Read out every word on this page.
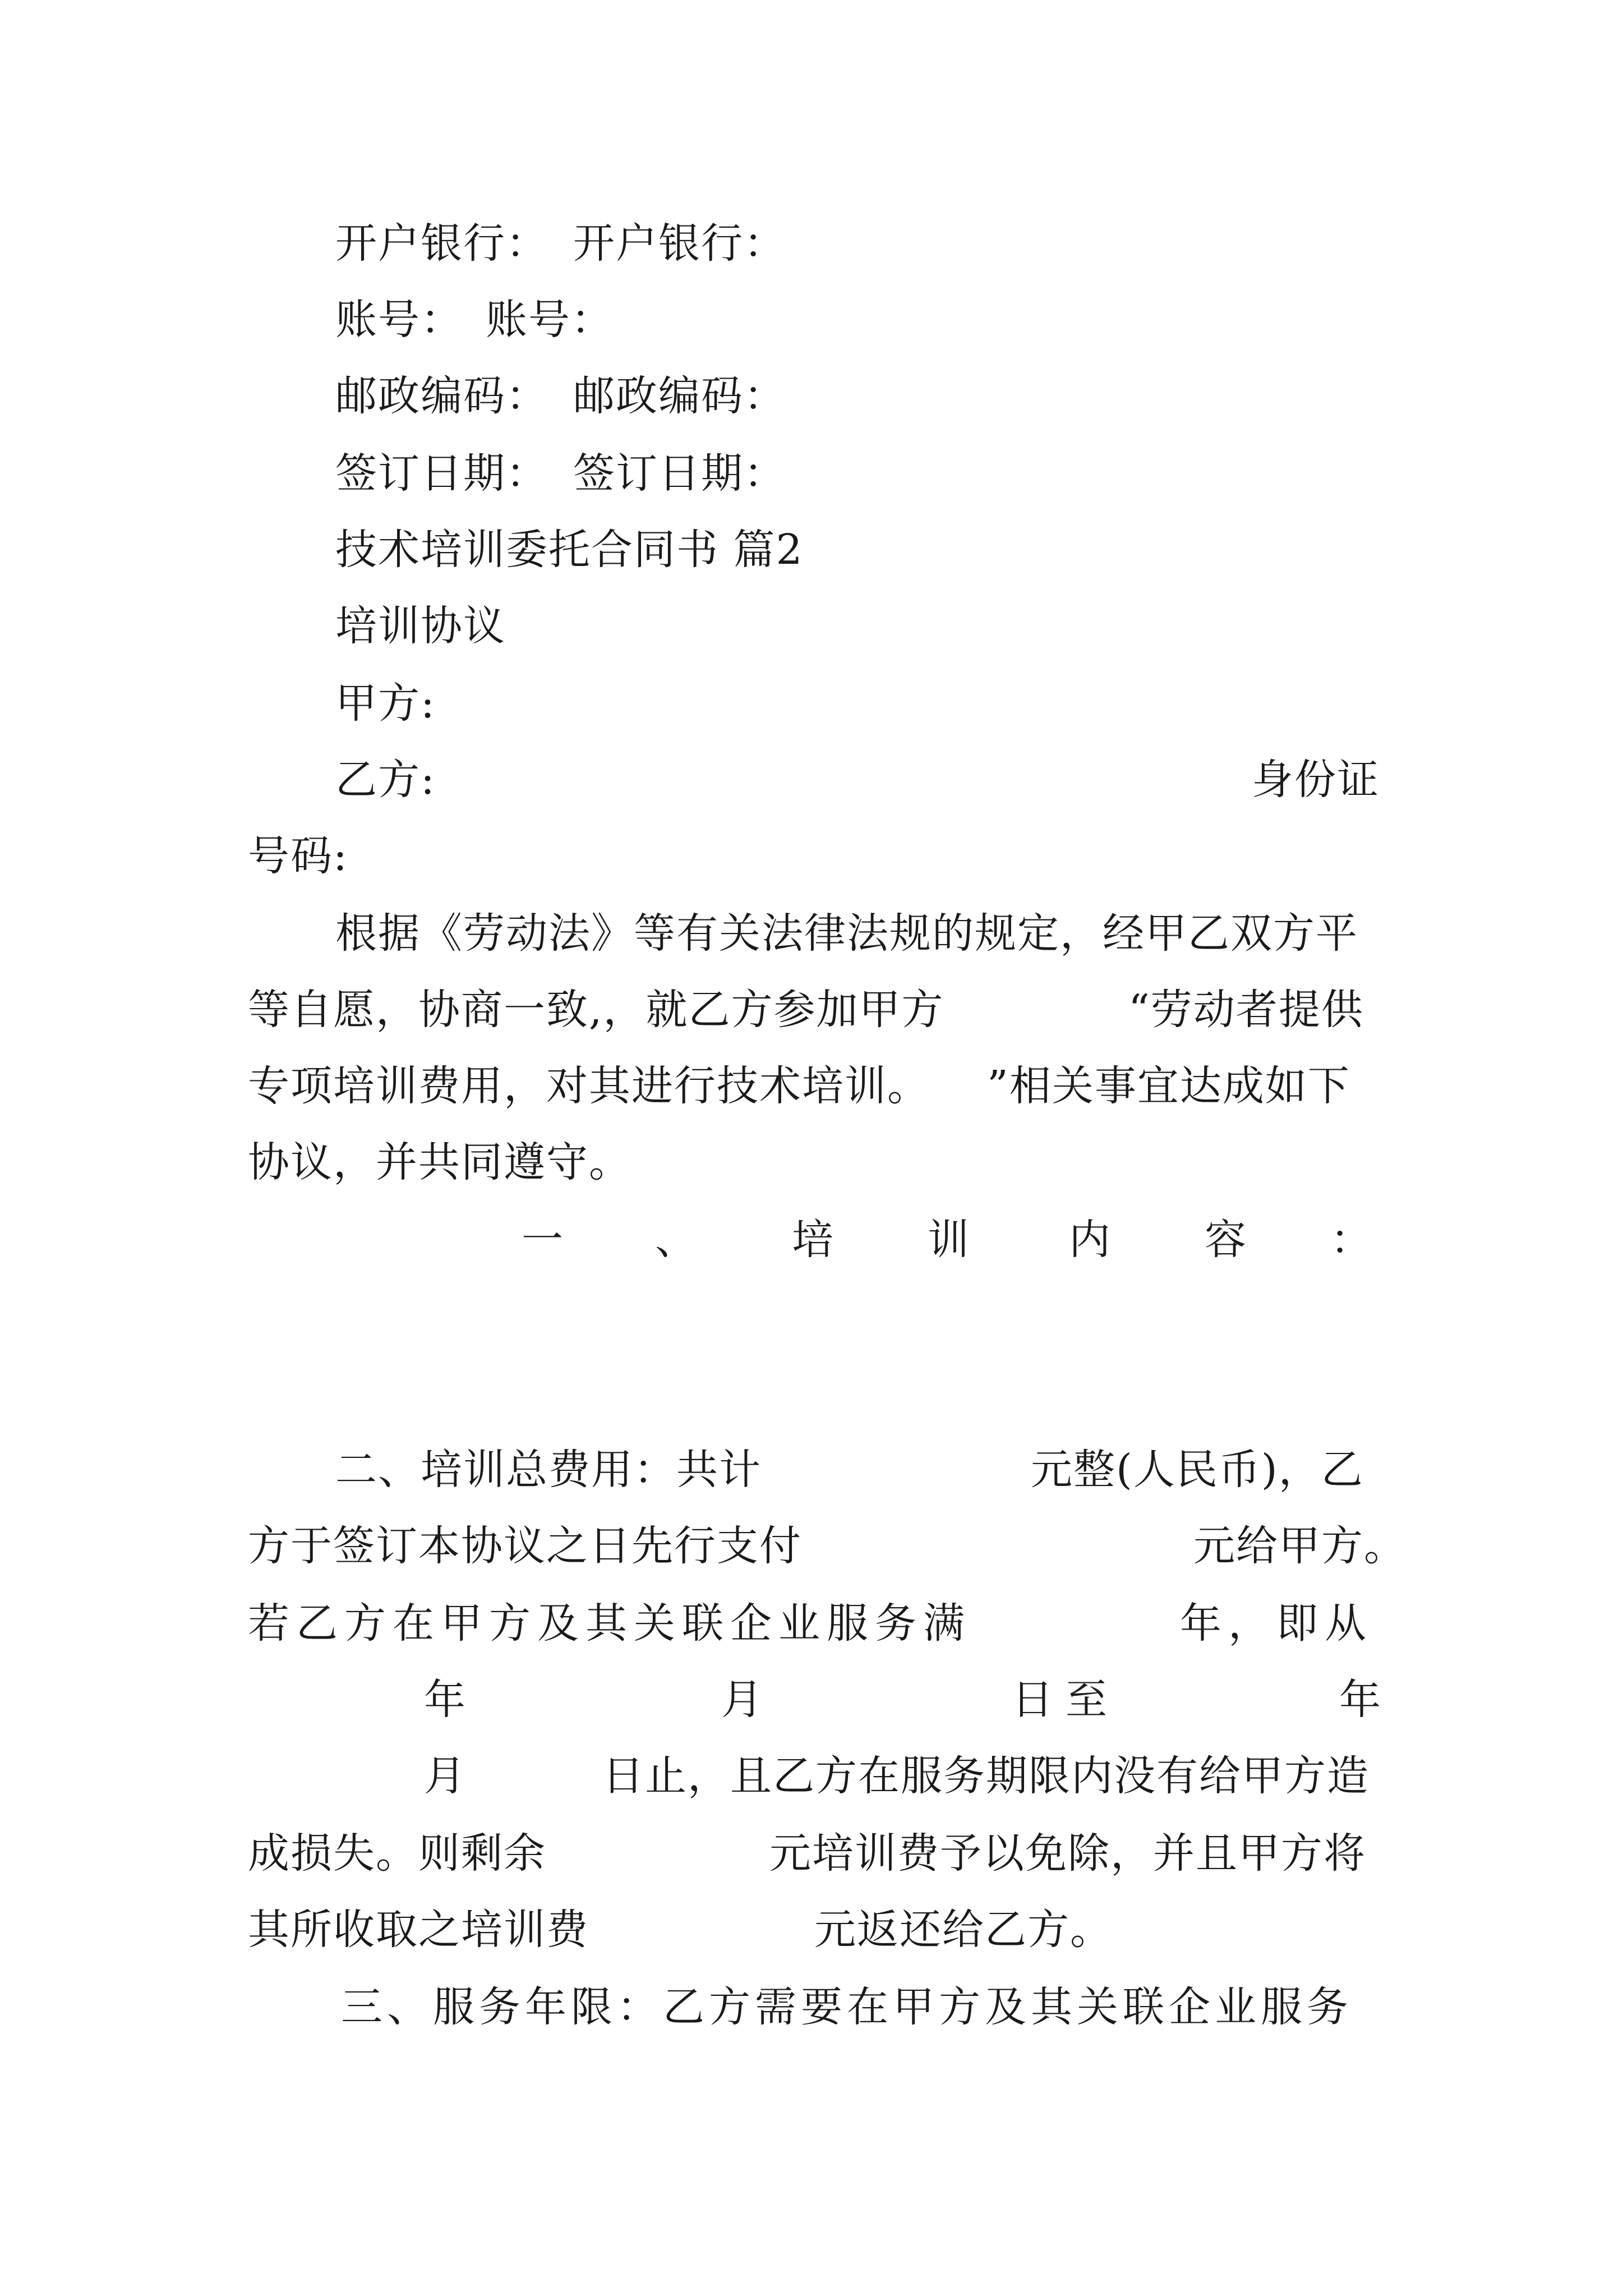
开户银行： 开户银行：
账号： 账号：
邮政编码： 邮政编码：
签订日期： 签订日期：
技术培训委托合同书 篇2
培训协议
甲方:
乙方:	身份证
号码:
根据《劳动法》等有关法律法规的规定，经甲乙双方平
等自愿，协商一致,，就乙方参加甲方	“劳动者提供
专项培训费用，对其进行技术培训。 ”相关事宜达成如下
协议，并共同遵守。
一 、 培 训 内 容 ：
二、培训总费用：共计	元整(人民币)，乙
方于签订本协议之日先行支付	元给甲方。
若乙方在甲方及其关联企业服务满	年，即从
年	月	日至	年
月	日止，且乙方在服务期限内没有给甲方造
成损失。则剩余	元培训费予以免除，并且甲方将
其所收取之培训费	元返还给乙方。
三、服务年限：乙方需要在甲方及其关联企业服务
